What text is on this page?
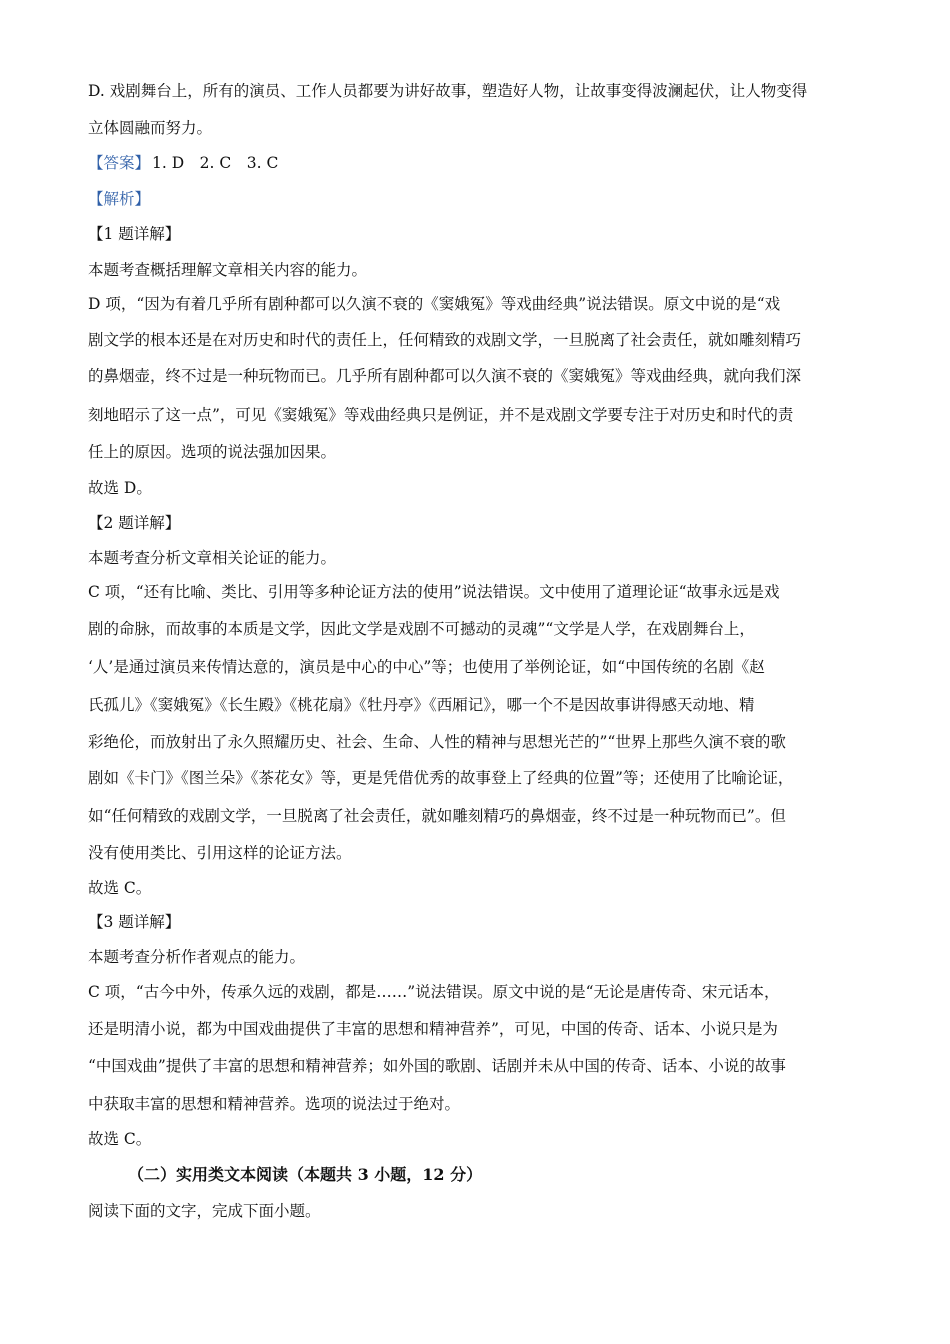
D. 戏剧舞台上，所有的演员、工作人员都要为讲好故事，塑造好人物，让故事变得波澜起伏，让人物变得
立体圆融而努力。
【答案】 1. D　2. C　3. C
【解析】
【1 题详解】
本题考查概括理解文章相关内容的能力。
D 项，“因为有着几乎所有剧种都可以久演不衰的《窦娥冤》等戏曲经典”说法错误。原文中说的是“戏
剧文学的根本还是在对历史和时代的责任上，任何精致的戏剧文学，一旦脱离了社会责任，就如雕刻精巧
的鼻烟壶，终不过是一种玩物而已。几乎所有剧种都可以久演不衰的《窦娥冤》等戏曲经典，就向我们深
刻地昭示了这一点”，可见《窦娥冤》等戏曲经典只是例证，并不是戏剧文学要专注于对历史和时代的责
任上的原因。选项的说法强加因果。
故选 D。
【2 题详解】
本题考查分析文章相关论证的能力。
C 项，“还有比喻、类比、引用等多种论证方法的使用”说法错误。文中使用了道理论证“故事永远是戏
剧的命脉，而故事的本质是文学，因此文学是戏剧不可撼动的灵魂”“文学是人学，在戏剧舞台上，
‘人’是通过演员来传情达意的，演员是中心的中心”等；也使用了举例论证，如“中国传统的名剧《赵
氏孤儿》《窦娥冤》《长生殿》《桃花扇》《牡丹亭》《西厢记》，哪一个不是因故事讲得感天动地、精
彩绝伦，而放射出了永久照耀历史、社会、生命、人性的精神与思想光芒的”“世界上那些久演不衰的歌
剧如《卡门》《图兰朵》《茶花女》等，更是凭借优秀的故事登上了经典的位置”等；还使用了比喻论证，
如“任何精致的戏剧文学，一旦脱离了社会责任，就如雕刻精巧的鼻烟壶，终不过是一种玩物而已”。但
没有使用类比、引用这样的论证方法。
故选 C。
【3 题详解】
本题考查分析作者观点的能力。
C 项，“古今中外，传承久远的戏剧，都是……”说法错误。原文中说的是“无论是唐传奇、宋元话本，
还是明清小说，都为中国戏曲提供了丰富的思想和精神营养”，可见，中国的传奇、话本、小说只是为
“中国戏曲”提供了丰富的思想和精神营养；如外国的歌剧、话剧并未从中国的传奇、话本、小说的故事
中获取丰富的思想和精神营养。选项的说法过于绝对。
故选 C。
（二）实用类文本阅读（本题共 3 小题，12 分）
阅读下面的文字，完成下面小题。
